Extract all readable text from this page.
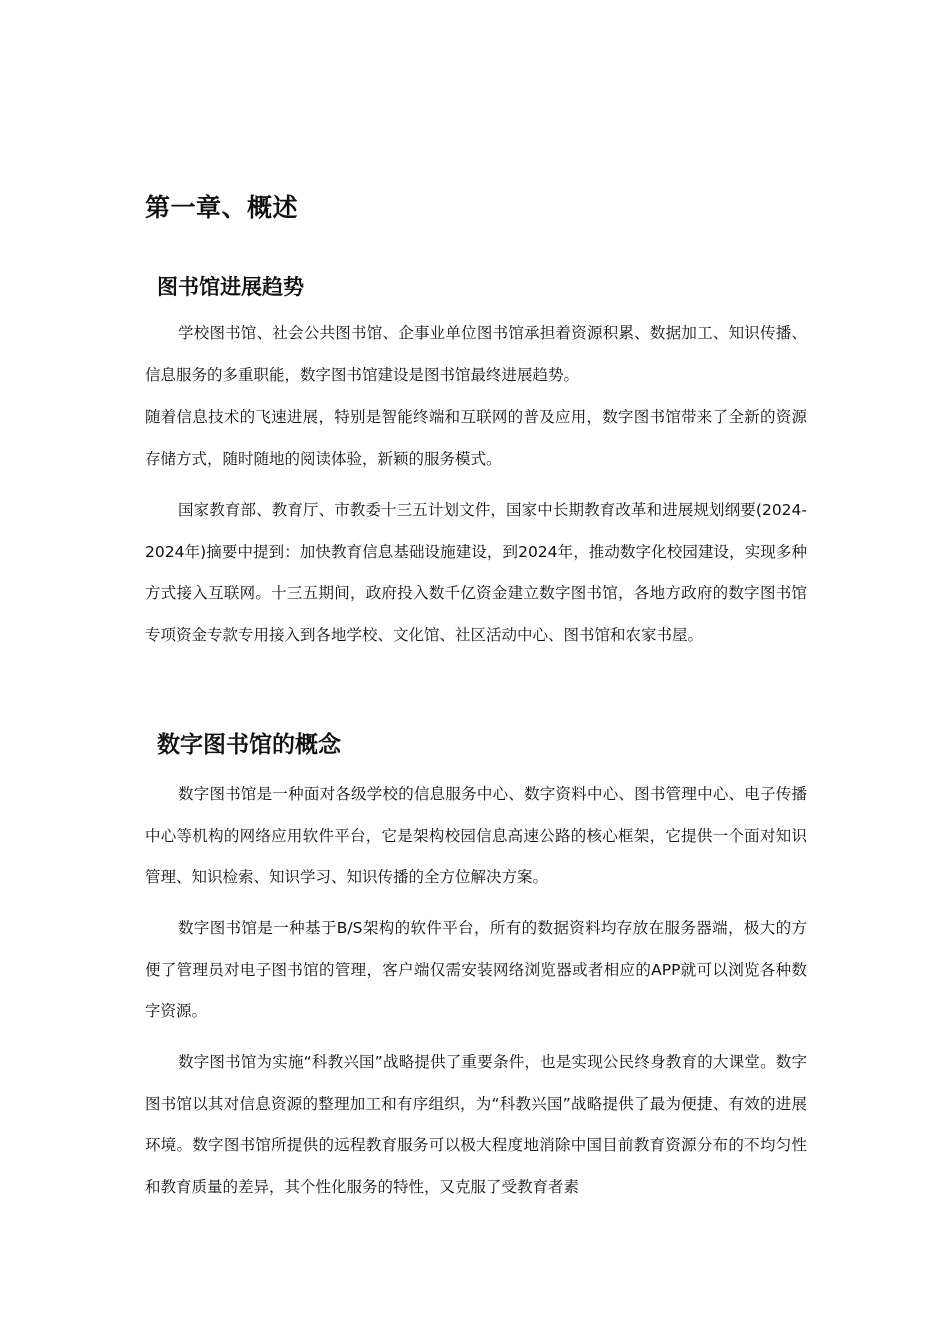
第一章、概述
图书馆进展趋势

学校图书馆、社会公共图书馆、企事业单位图书馆承担着资源积累、数据加工、知识传播、信息服务的多重职能，数字图书馆建设是图书馆最终进展趋势。

随着信息技术的飞速进展，特别是智能终端和互联网的普及应用，数字图书馆带来了全新的资源存储方式，随时随地的阅读体验，新颖的服务模式。

国家教育部、教育厅、市教委十三五计划文件，国家中长期教育改革和进展规划纲要(2024-2024年)摘要中提到：加快教育信息基础设施建设，到2024年，推动数字化校园建设，实现多种方式接入互联网。十三五期间，政府投入数千亿资金建立数字图书馆，各地方政府的数字图书馆专项资金专款专用接入到各地学校、文化馆、社区活动中心、图书馆和农家书屋。

数字图书馆的概念

数字图书馆是一种面对各级学校的信息服务中心、数字资料中心、图书管理中心、电子传播中心等机构的网络应用软件平台，它是架构校园信息高速公路的核心框架，它提供一个面对知识管理、知识检索、知识学习、知识传播的全方位解决方案。

数字图书馆是一种基于B/S架构的软件平台，所有的数据资料均存放在服务器端，极大的方便了管理员对电子图书馆的管理，客户端仅需安装网络浏览器或者相应的APP就可以浏览各种数字资源。

数字图书馆为实施“科教兴国”战略提供了重要条件，也是实现公民终身教育的大课堂。数字图书馆以其对信息资源的整理加工和有序组织，为“科教兴国”战略提供了最为便捷、有效的进展环境。数字图书馆所提供的远程教育服务可以极大程度地消除中国目前教育资源分布的不均匀性和教育质量的差异，其个性化服务的特性，又克服了受教育者素
